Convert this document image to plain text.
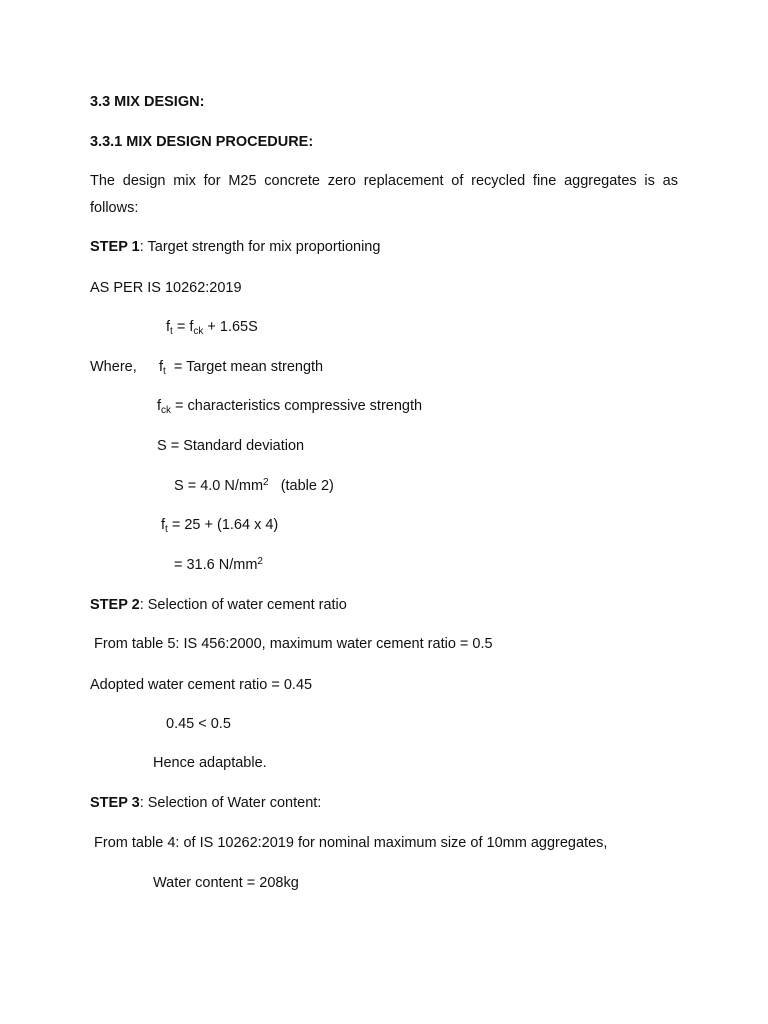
3.3 MIX DESIGN:
3.3.1 MIX DESIGN PROCEDURE:
The design mix for M25 concrete zero replacement of recycled fine aggregates is as
follows:
STEP 1: Target strength for mix proportioning
AS PER IS 10262:2019
$f_t = f_{ck} + 1.65S$
Where, $f_t$  = Target mean strength
$f_{ck}$ = characteristics compressive strength
S = Standard deviation
S = 4.0 $N/mm^2$   (table 2)
$f_t = 25 + (1.64$ x 4)
= 31.6 $N/mm^2$
STEP 2: Selection of water cement ratio
From table 5: IS 456:2000, maximum water cement ratio = 0.5
Adopted water cement ratio = 0.45
0.45 < 0.5
Hence adaptable.
STEP 3: Selection of Water content:
From table 4: of IS 10262:2019 for nominal maximum size of 10mm aggregates,
Water content = 208kg
